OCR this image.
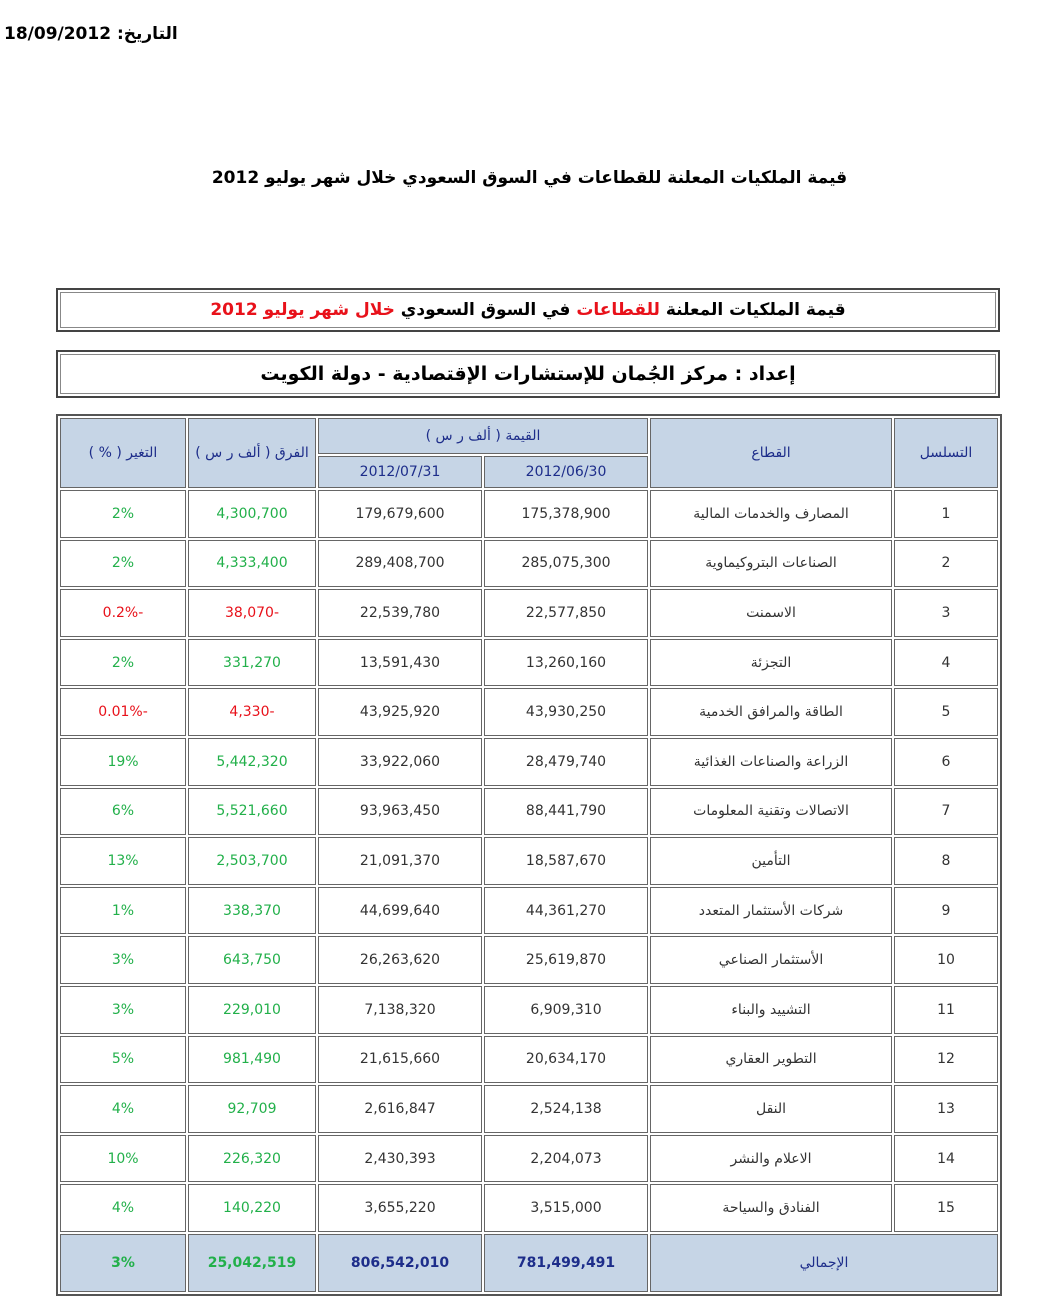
التاريخ: 18/09/2012
قيمة الملكيات المعلنة للقطاعات في السوق السعودي خلال شهر يوليو 2012
قيمة الملكيات المعلنة للقطاعات في السوق السعودي خلال شهر يوليو 2012
إعداد : مركز الجُمان للإستشارات الإقتصادية - دولة الكويت
التسلسل	القطاع	القيمة ( ألف ر س )		الفرق ( ألف ر س )	التغير ( % )
		2012/06/30	2012/07/31		
1	المصارف والخدمات المالية	175,378,900	179,679,600	4,300,700	2%
2	الصناعات البتروكيماوية	285,075,300	289,408,700	4,333,400	2%
3	الاسمنت	22,577,850	22,539,780	-38,070	-0.2%
4	التجزئة	13,260,160	13,591,430	331,270	2%
5	الطاقة والمرافق الخدمية	43,930,250	43,925,920	-4,330	-0.01%
6	الزراعة والصناعات الغذائية	28,479,740	33,922,060	5,442,320	19%
7	الاتصالات وتقنية المعلومات	88,441,790	93,963,450	5,521,660	6%
8	التأمين	18,587,670	21,091,370	2,503,700	13%
9	شركات الأستثمار المتعدد	44,361,270	44,699,640	338,370	1%
10	الأستثمار الصناعي	25,619,870	26,263,620	643,750	3%
11	التشييد والبناء	6,909,310	7,138,320	229,010	3%
12	التطوير العقاري	20,634,170	21,615,660	981,490	5%
13	النقل	2,524,138	2,616,847	92,709	4%
14	الاعلام والنشر	2,204,073	2,430,393	226,320	10%
15	الفنادق والسياحة	3,515,000	3,655,220	140,220	4%
الإجمالي		781,499,491	806,542,010	25,042,519	3%
